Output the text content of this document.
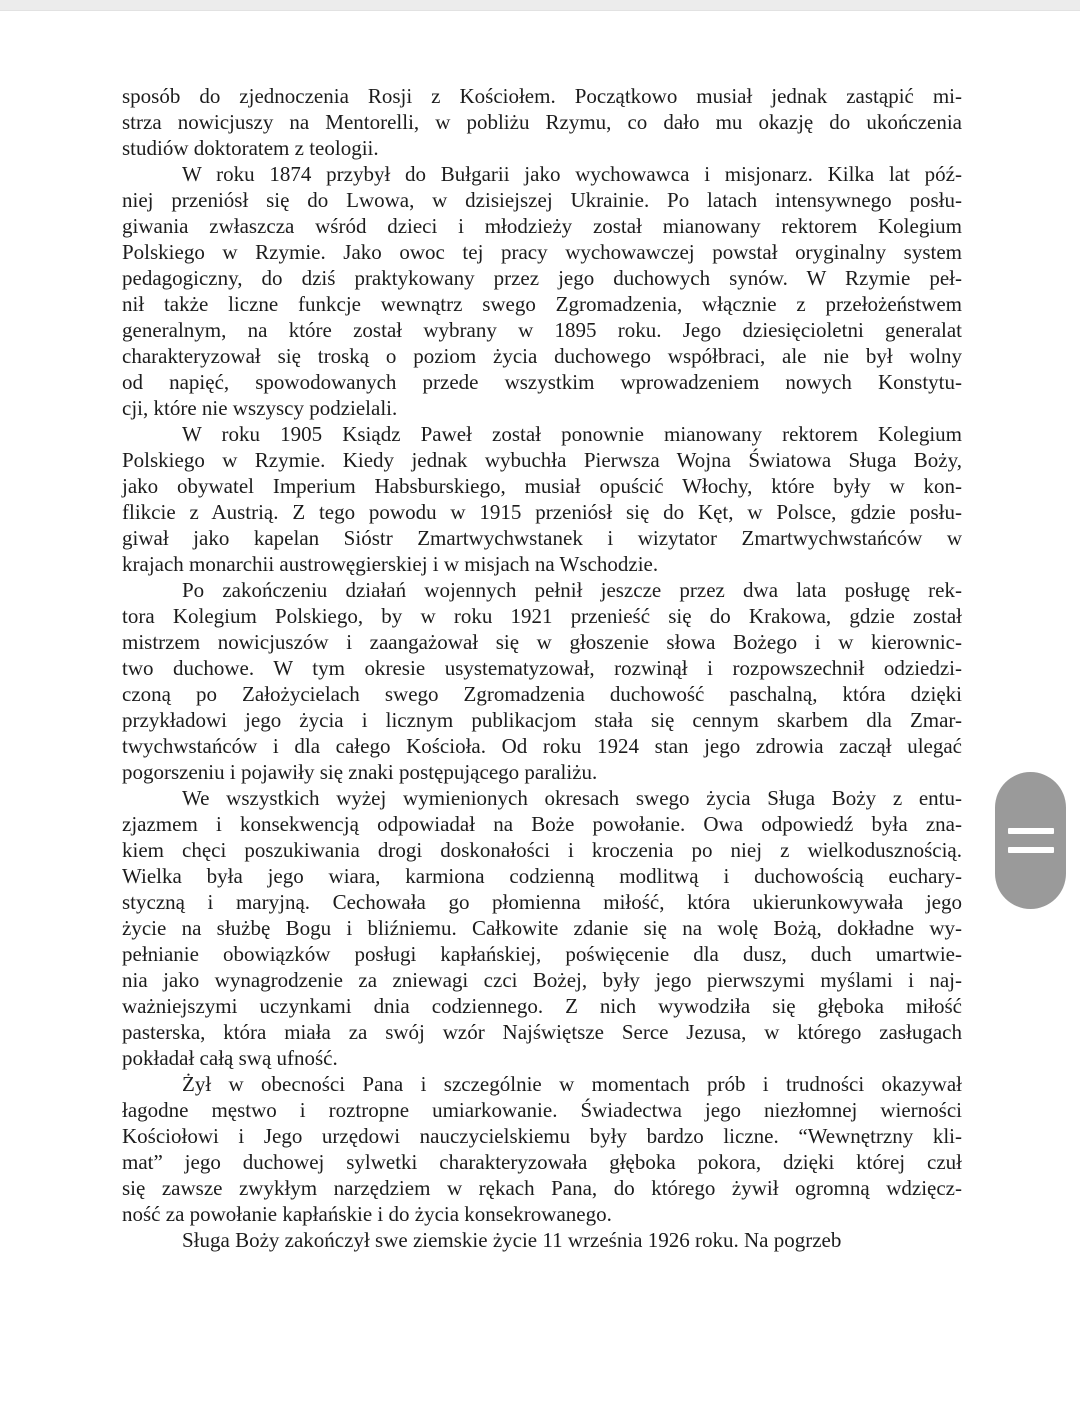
sposób do zjednoczenia Rosji z Kościołem. Początkowo musiał jednak zastąpić mi-
strza nowicjuszy na Mentorelli, w pobliżu Rzymu, co dało mu okazję do ukończenia
studiów doktoratem z teologii.
W roku 1874 przybył do Bułgarii jako wychowawca i misjonarz. Kilka lat póź-
niej przeniósł się do Lwowa, w dzisiejszej Ukrainie. Po latach intensywnego posłu-
giwania zwłaszcza wśród dzieci i młodzieży został mianowany rektorem Kolegium
Polskiego w Rzymie. Jako owoc tej pracy wychowawczej powstał oryginalny system
pedagogiczny, do dziś praktykowany przez jego duchowych synów. W Rzymie peł-
nił także liczne funkcje wewnątrz swego Zgromadzenia, włącznie z przełożeństwem
generalnym, na które został wybrany w 1895 roku. Jego dziesięcioletni generalat
charakteryzował się troską o poziom życia duchowego współbraci, ale nie był wolny
od napięć, spowodowanych przede wszystkim wprowadzeniem nowych Konstytu-
cji, które nie wszyscy podzielali.
W roku 1905 Ksiądz Paweł został ponownie mianowany rektorem Kolegium
Polskiego w Rzymie. Kiedy jednak wybuchła Pierwsza Wojna Światowa Sługa Boży,
jako obywatel Imperium Habsburskiego, musiał opuścić Włochy, które były w kon-
flikcie z Austrią. Z tego powodu w 1915 przeniósł się do Kęt, w Polsce, gdzie posłu-
giwał jako kapelan Sióstr Zmartwychwstanek i wizytator Zmartwychwstańców w
krajach monarchii austrowęgierskiej i w misjach na Wschodzie.
Po zakończeniu działań wojennych pełnił jeszcze przez dwa lata posługę rek-
tora Kolegium Polskiego, by w roku 1921 przenieść się do Krakowa, gdzie został
mistrzem nowicjuszów i zaangażował się w głoszenie słowa Bożego i w kierownic-
two duchowe. W tym okresie usystematyzował, rozwinął i rozpowszechnił odziedzi-
czoną po Założycielach swego Zgromadzenia duchowość paschalną, która dzięki
przykładowi jego życia i licznym publikacjom stała się cennym skarbem dla Zmar-
twychwstańców i dla całego Kościoła. Od roku 1924 stan jego zdrowia zaczął ulegać
pogorszeniu i pojawiły się znaki postępującego paraliżu.
We wszystkich wyżej wymienionych okresach swego życia Sługa Boży z entu-
zjazmem i konsekwencją odpowiadał na Boże powołanie. Owa odpowiedź była zna-
kiem chęci poszukiwania drogi doskonałości i kroczenia po niej z wielkodusznością.
Wielka była jego wiara, karmiona codzienną modlitwą i duchowością euchary-
styczną i maryjną. Cechowała go płomienna miłość, która ukierunkowywała jego
życie na służbę Bogu i bliźniemu. Całkowite zdanie się na wolę Bożą, dokładne wy-
pełnianie obowiązków posługi kapłańskiej, poświęcenie dla dusz, duch umartwie-
nia jako wynagrodzenie za zniewagi czci Bożej, były jego pierwszymi myślami i naj-
ważniejszymi uczynkami dnia codziennego. Z nich wywodziła się głęboka miłość
pasterska, która miała za swój wzór Najświętsze Serce Jezusa, w którego zasługach
pokładał całą swą ufność.
Żył w obecności Pana i szczególnie w momentach prób i trudności okazywał
łagodne męstwo i roztropne umiarkowanie. Świadectwa jego niezłomnej wierności
Kościołowi i Jego urzędowi nauczycielskiemu były bardzo liczne. “Wewnętrzny kli-
mat” jego duchowej sylwetki charakteryzowała głęboka pokora, dzięki której czuł
się zawsze zwykłym narzędziem w rękach Pana, do którego żywił ogromną wdzięcz-
ność za powołanie kapłańskie i do życia konsekrowanego.
Sługa Boży zakończył swe ziemskie życie 11 września 1926 roku. Na pogrzeb
